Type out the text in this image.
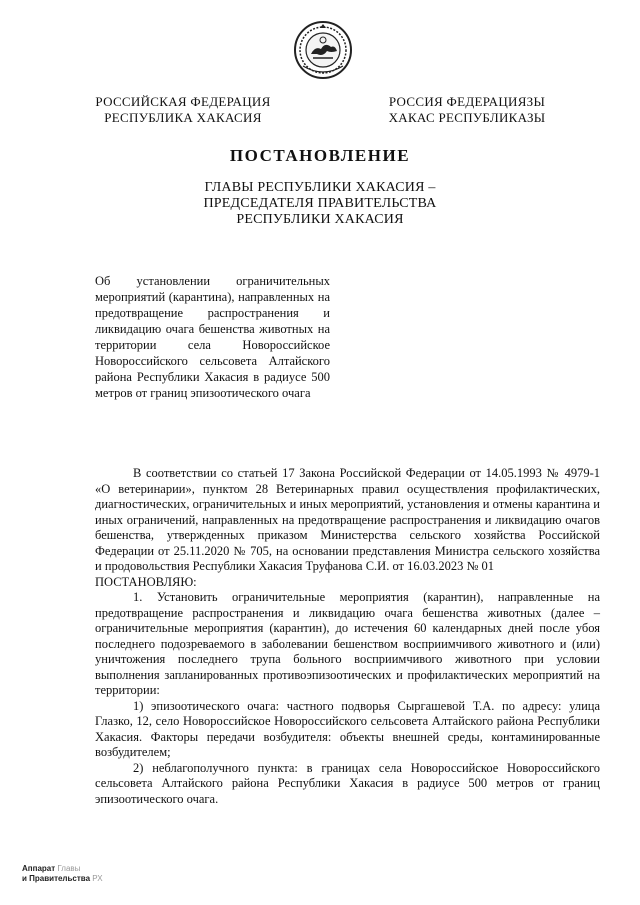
РОССИЙСКАЯ ФЕДЕРАЦИЯ
РЕСПУБЛИКА ХАКАСИЯ
РОССИЯ ФЕДЕРАЦИЯЗЫ
ХАКАС РЕСПУБЛИКАЗЫ
ПОСТАНОВЛЕНИЕ
ГЛАВЫ РЕСПУБЛИКИ ХАКАСИЯ –
ПРЕДСЕДАТЕЛЯ ПРАВИТЕЛЬСТВА
РЕСПУБЛИКИ ХАКАСИЯ
Об установлении ограничительных мероприятий (карантина), направленных на предотвращение распространения и ликвидацию очага бешенства животных на территории села Новороссийское Новороссийского сельсовета Алтайского района Республики Хакасия в радиусе 500 метров от границ эпизоотического очага

В соответствии со статьей 17 Закона Российской Федерации от 14.05.1993 № 4979-1 «О ветеринарии», пунктом 28 Ветеринарных правил осуществления профилактических, диагностических, ограничительных и иных мероприятий, установления и отмены карантина и иных ограничений, направленных на предотвращение распространения и ликвидацию очагов бешенства, утвержденных приказом Министерства сельского хозяйства Российской Федерации от 25.11.2020 № 705, на основании представления Министра сельского хозяйства и продовольствия Республики Хакасия Труфанова С.И. от 16.03.2023 № 01

ПОСТАНОВЛЯЮ:

1. Установить ограничительные мероприятия (карантин), направленные на предотвращение распространения и ликвидацию очага бешенства животных (далее – ограничительные мероприятия (карантин), до истечения 60 календарных дней после убоя последнего подозреваемого в заболевании бешенством восприимчивого животного и (или) уничтожения последнего трупа больного восприимчивого животного при условии выполнения запланированных противоэпизоотических и профилактических мероприятий на территории:

1) эпизоотического очага: частного подворья Сыргашевой Т.А. по адресу: улица Глазко, 12, село Новороссийское Новороссийского сельсовета Алтайского района Республики Хакасия. Факторы передачи возбудителя: объекты внешней среды, контаминированные возбудителем;

2) неблагополучного пункта: в границах села Новороссийское Новороссийского сельсовета Алтайского района Республики Хакасия в радиусе 500 метров от границ эпизоотического очага.

Аппарат Главы
и Правительства РХ
